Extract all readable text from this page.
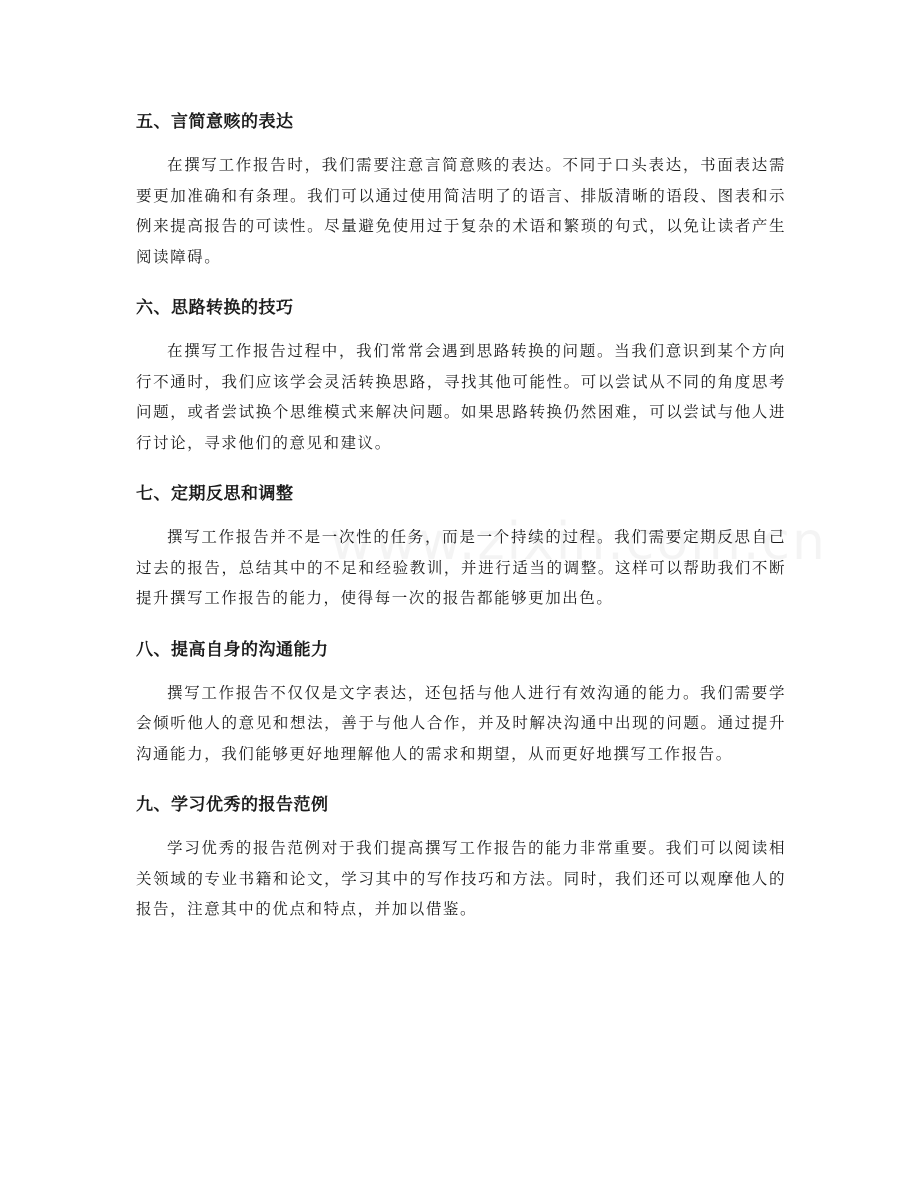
五、言简意赅的表达

在撰写工作报告时，我们需要注意言简意赅的表达。不同于口头表达，书面表达需要更加准确和有条理。我们可以通过使用简洁明了的语言、排版清晰的语段、图表和示例来提高报告的可读性。尽量避免使用过于复杂的术语和繁琐的句式，以免让读者产生阅读障碍。

六、思路转换的技巧

在撰写工作报告过程中，我们常常会遇到思路转换的问题。当我们意识到某个方向行不通时，我们应该学会灵活转换思路，寻找其他可能性。可以尝试从不同的角度思考问题，或者尝试换个思维模式来解决问题。如果思路转换仍然困难，可以尝试与他人进行讨论，寻求他们的意见和建议。

七、定期反思和调整

撰写工作报告并不是一次性的任务，而是一个持续的过程。我们需要定期反思自己过去的报告，总结其中的不足和经验教训，并进行适当的调整。这样可以帮助我们不断提升撰写工作报告的能力，使得每一次的报告都能够更加出色。

八、提高自身的沟通能力

撰写工作报告不仅仅是文字表达，还包括与他人进行有效沟通的能力。我们需要学会倾听他人的意见和想法，善于与他人合作，并及时解决沟通中出现的问题。通过提升沟通能力，我们能够更好地理解他人的需求和期望，从而更好地撰写工作报告。

九、学习优秀的报告范例

学习优秀的报告范例对于我们提高撰写工作报告的能力非常重要。我们可以阅读相关领域的专业书籍和论文，学习其中的写作技巧和方法。同时，我们还可以观摩他人的报告，注意其中的优点和特点，并加以借鉴。
